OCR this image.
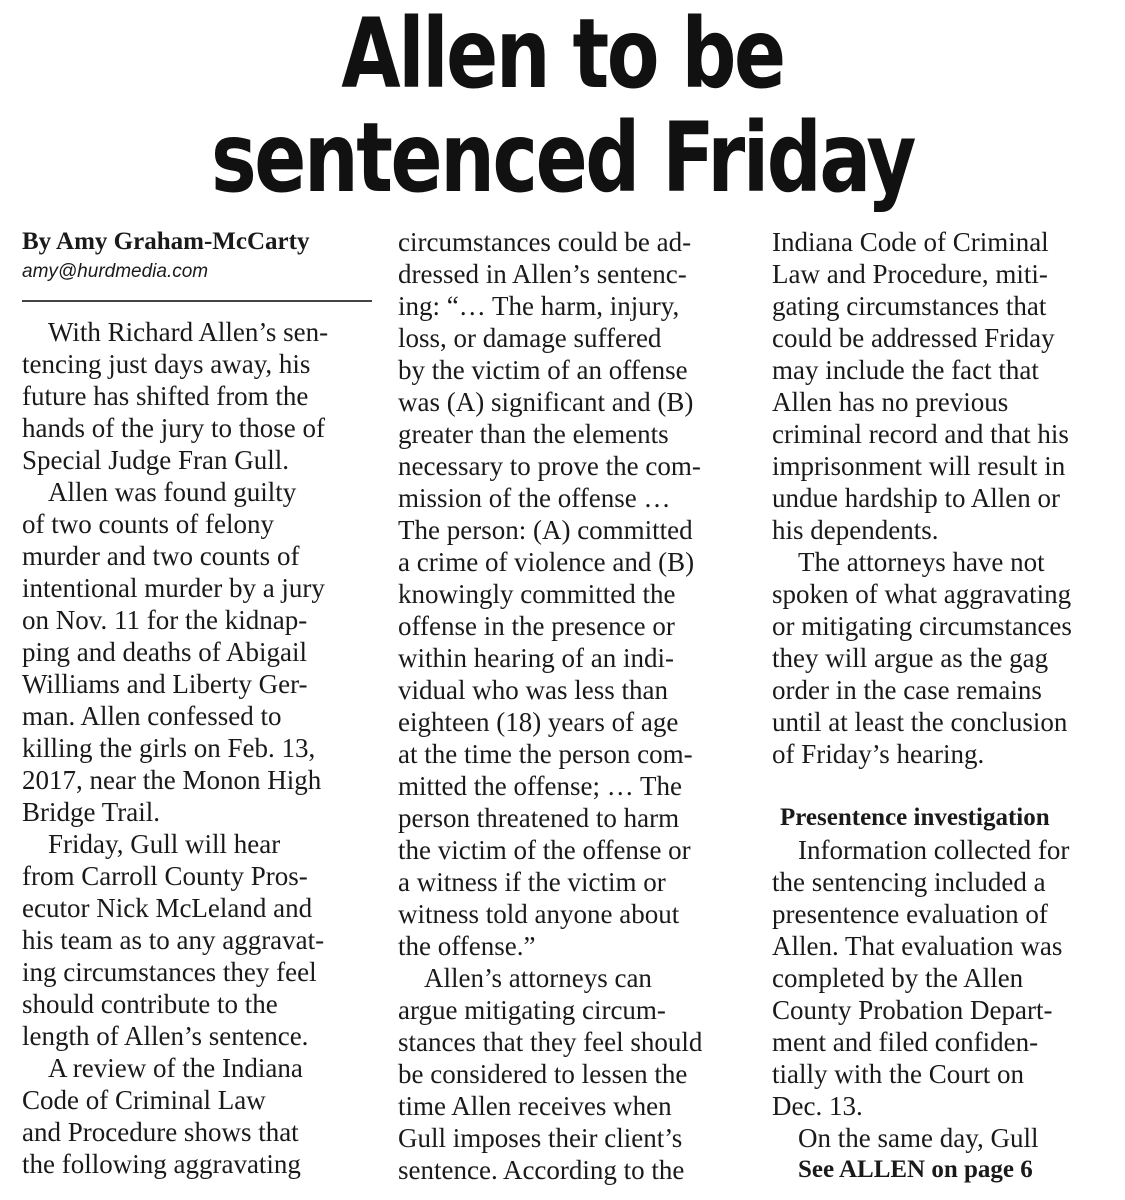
Allen to be
sentenced Friday

By Amy Graham-McCarty

amy@hurdmedia.com

With Richard Allen’s sen-
tencing just days away, his
future has shifted from the
hands of the jury to those of
Special Judge Fran Gull.
Allen was found guilty
of two counts of felony
murder and two counts of
intentional murder by a jury
on Nov. 11 for the kidnap-
ping and deaths of Abigail
Williams and Liberty Ger-
man. Allen confessed to
killing the girls on Feb. 13,
2017, near the Monon High
Bridge Trail.
Friday, Gull will hear
from Carroll County Pros-
ecutor Nick McLeland and
his team as to any aggravat-
ing circumstances they feel
should contribute to the
length of Allen’s sentence.
A review of the Indiana
Code of Criminal Law
and Procedure shows that
the following aggravating
circumstances could be ad-
dressed in Allen’s sentenc-
ing: “… The harm, injury,
loss, or damage suffered
by the victim of an offense
was (A) significant and (B)
greater than the elements
necessary to prove the com-
mission of the offense …
The person: (A) committed
a crime of violence and (B)
knowingly committed the
offense in the presence or
within hearing of an indi-
vidual who was less than
eighteen (18) years of age
at the time the person com-
mitted the offense; … The
person threatened to harm
the victim of the offense or
a witness if the victim or
witness told anyone about
the offense.”
Allen’s attorneys can
argue mitigating circum-
stances that they feel should
be considered to lessen the
time Allen receives when
Gull imposes their client’s
sentence. According to the
Indiana Code of Criminal
Law and Procedure, miti-
gating circumstances that
could be addressed Friday
may include the fact that
Allen has no previous
criminal record and that his
imprisonment will result in
undue hardship to Allen or
his dependents.
The attorneys have not
spoken of what aggravating
or mitigating circumstances
they will argue as the gag
order in the case remains
until at least the conclusion
of Friday’s hearing.
Presentence investigation
Information collected for
the sentencing included a
presentence evaluation of
Allen. That evaluation was
completed by the Allen
County Probation Depart-
ment and filed confiden-
tially with the Court on
Dec. 13.
On the same day, Gull
See ALLEN on page 6
